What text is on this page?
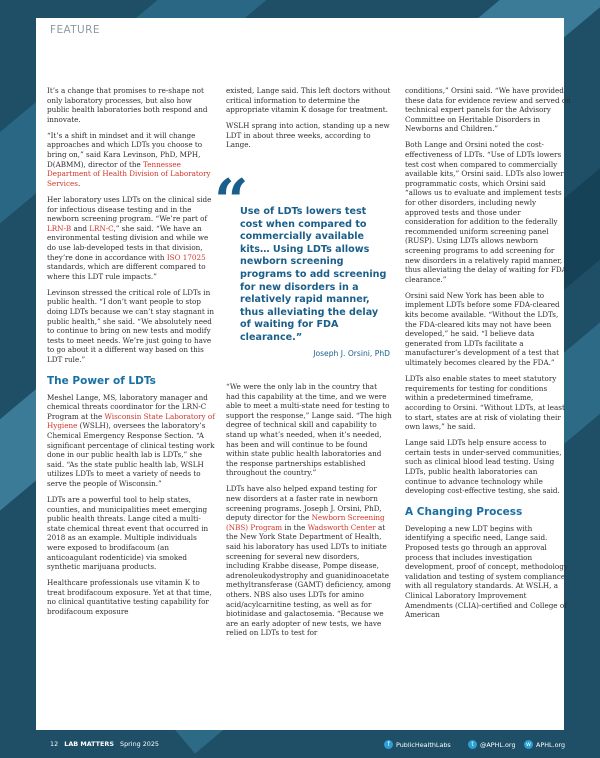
FEATURE

It’s a change that promises to re-shape not only laboratory processes, but also how public health laboratories both respond and innovate.

“It’s a shift in mindset and it will change approaches and which LDTs you choose to bring on,” said Kara Levinson, PhD, MPH, D(ABMM), director of the Tennessee Department of Health Division of Laboratory Services.

Her laboratory uses LDTs on the clinical side for infectious disease testing and in the newborn screening program. “We’re part of LRN-B and LRN-C,” she said. “We have an environmental testing division and while we do use lab-developed tests in that division, they’re done in accordance with ISO 17025 standards, which are different compared to where this LDT rule impacts.”

Levinson stressed the critical role of LDTs in public health. “I don’t want people to stop doing LDTs because we can’t stay stagnant in public health,” she said. “We absolutely need to continue to bring on new tests and modify tests to meet needs. We’re just going to have to go about it a different way based on this LDT rule.”

The Power of LDTs

Meshel Lange, MS, laboratory manager and chemical threats coordinator for the LRN-C Program at the Wisconsin State Laboratory of Hygiene (WSLH), oversees the laboratory’s Chemical Emergency Response Section. “A significant percentage of clinical testing work done in our public health lab is LDTs,” she said. “As the state public health lab, WSLH utilizes LDTs to meet a variety of needs to serve the people of Wisconsin.”

LDTs are a powerful tool to help states, counties, and municipalities meet emerging public health threats. Lange cited a multi-state chemical threat event that occurred in 2018 as an example. Multiple individuals were exposed to brodifacoum (an anticoagulant rodenticide) via smoked synthetic marijuana products.

Healthcare professionals use vitamin K to treat brodifacoum exposure. Yet at that time, no clinical quantitative testing capability for brodifacoum exposure

existed, Lange said. This left doctors without critical information to determine the appropriate vitamin K dosage for treatment.

WSLH sprang into action, standing up a new LDT in about three weeks, according to Lange.

“
Use of LDTs lowers test cost when compared to commercially available kits… Using LDTs allows newborn screening programs to add screening for new disorders in a relatively rapid manner, thus alleviating the delay of waiting for FDA clearance.”
Joseph J. Orsini, PhD

“We were the only lab in the country that had this capability at the time, and we were able to meet a multi-state need for testing to support the response,” Lange said. “The high degree of technical skill and capability to stand up what’s needed, when it’s needed, has been and will continue to be found within state public health laboratories and the response partnerships established throughout the country.”

LDTs have also helped expand testing for new disorders at a faster rate in newborn screening programs. Joseph J. Orsini, PhD, deputy director for the Newborn Screening (NBS) Program in the Wadsworth Center at the New York State Department of Health, said his laboratory has used LDTs to initiate screening for several new disorders, including Krabbe disease, Pompe disease, adrenoleukodystrophy and guanidinoacetate methyltransferase (GAMT) deficiency, among others. NBS also uses LDTs for amino acid/acylcarnitine testing, as well as for biotinidase and galactosemia. “Because we are an early adopter of new tests, we have relied on LDTs to test for

conditions,” Orsini said. “We have provided these data for evidence review and served on technical expert panels for the Advisory Committee on Heritable Disorders in Newborns and Children.”

Both Lange and Orsini noted the cost-effectiveness of LDTs. “Use of LDTs lowers test cost when compared to commercially available kits,” Orsini said. LDTs also lower programmatic costs, which Orsini said “allows us to evaluate and implement tests for other disorders, including newly approved tests and those under consideration for addition to the federally recommended uniform screening panel (RUSP). Using LDTs allows newborn screening programs to add screening for new disorders in a relatively rapid manner, thus alleviating the delay of waiting for FDA clearance.”

Orsini said New York has been able to implement LDTs before some FDA-cleared kits become available. “Without the LDTs, the FDA-cleared kits may not have been developed,” he said. “I believe data generated from LDTs facilitate a manufacturer’s development of a test that ultimately becomes cleared by the FDA.”

LDTs also enable states to meet statutory requirements for testing for conditions within a predetermined timeframe, according to Orsini. “Without LDTs, at least to start, states are at risk of violating their own laws,” he said.

Lange said LDTs help ensure access to certain tests in under-served communities, such as clinical blood lead testing. Using LDTs, public health laboratories can continue to advance technology while developing cost-effective testing, she said.

A Changing Process

Developing a new LDT begins with identifying a specific need, Lange said. Proposed tests go through an approval process that includes investigation development, proof of concept, methodology validation and testing of system compliance with all regulatory standards. At WSLH, a Clinical Laboratory Improvement Amendments (CLIA)-certified and College of American

12 LAB MATTERS Spring 2025	f	PublicHealthLabs	t @APHL.org	w APHL.org
